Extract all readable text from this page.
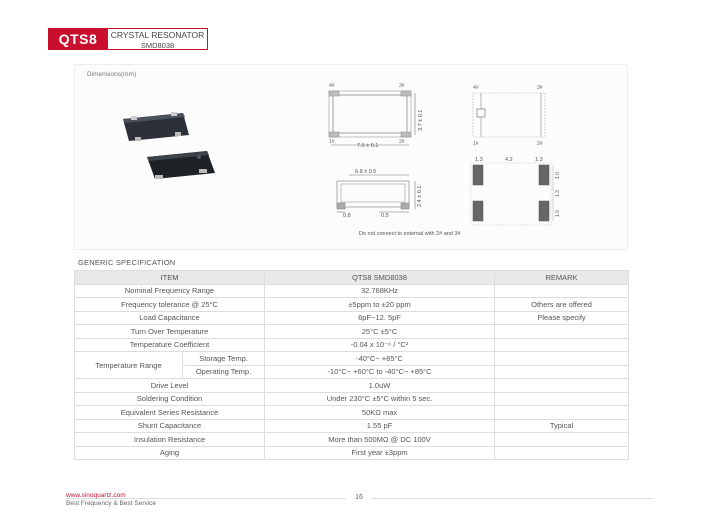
QTS8	CRYSTAL RESONATOR
SMD8038
Dimensions(mm)
4#	3#
1#	2#
7.6 ± 0.1
3.7 ± 0.1
6.8 ± 0.5
2.4 ± 0.1
0.8	0.5
4#	3#
1#	2#
1.3	4.2	1.3
1.0
1.3
1.0
Do not connect to external with 2# and 3#
GENERIC SPECIFICATION
ITEM		QTS8 SMD8038	REMARK
Nominal Frequency Range		32.768KHz	
Frequency tolerance @ 25°C		±5ppm to ±20 ppm	Others are offered
Load Capacitance		6pF~12. 5pF	Please specify
Turn Over Temperature		25°C ±5°C	
Temperature Coefficient		-0.04 x 10⁻⁶ / °C²	
Temperature Range	Storage Temp.	-40°C~ +85°C	
	Operating Temp.	-10°C~ +60°C to -40°C~ +85°C	
Drive Level		1.0uW	
Soldering Condition		Under 230°C ±5°C within 5 sec.	
Equivalent Series Resistance		50KΩ max	
Shunt Capacitance		1.55 pF	Typical
Insulation Resistance		More than 500MΩ @ DC 100V	
Aging		First year ±3ppm	
www.sinoquartz.com
Best Frequency & Best Service
16
